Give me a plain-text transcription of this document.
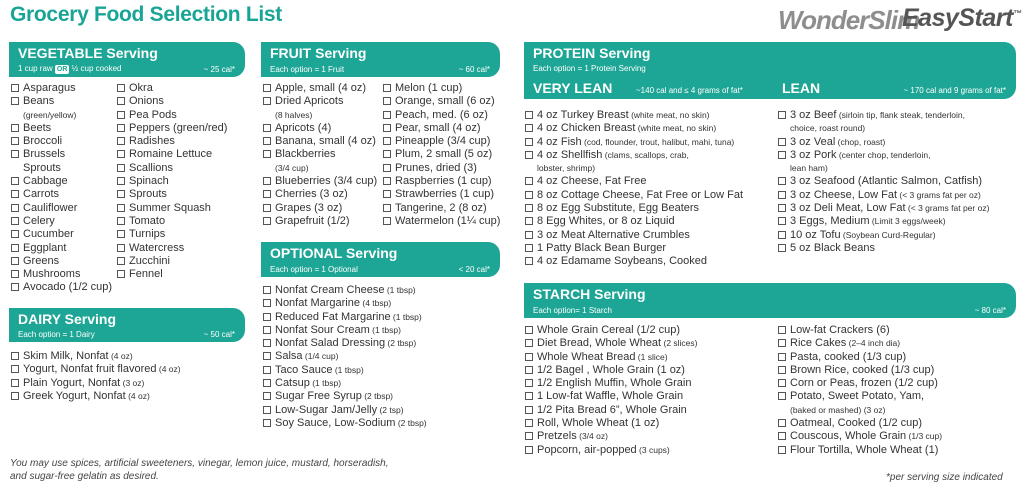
Grocery Food Selection List	WonderSlim
EasyStart™
VEGETABLE Serving
1 cup raw OR ½ cup cooked	~ 25 cal*
Asparagus
Beans
(green/yellow)
Beets
Broccoli
Brussels
Sprouts
Cabbage
Carrots
Cauliflower
Celery
Cucumber
Eggplant
Greens
Mushrooms
Avocado (1/2 cup)
Okra
Onions
Pea Pods
Peppers (green/red)
Radishes
Romaine Lettuce
Scallions
Spinach
Sprouts
Summer Squash
Tomato
Turnips
Watercress
Zucchini
Fennel
DAIRY Serving
Each option = 1 Dairy	~ 50 cal*
Skim Milk, Nonfat (4 oz)
Yogurt, Nonfat fruit flavored (4 oz)
Plain Yogurt, Nonfat (3 oz)
Greek Yogurt, Nonfat (4 oz)
FRUIT Serving
Each option = 1 Fruit	~ 60 cal*
Apple, small (4 oz)
Dried Apricots
(8 halves)
Apricots (4)
Banana, small (4 oz)
Blackberries
(3/4 cup)
Blueberries (3/4 cup)
Cherries (3 oz)
Grapes (3 oz)
Grapefruit (1/2)
Melon (1 cup)
Orange, small (6 oz)
Peach, med. (6 oz)
Pear, small (4 oz)
Pineapple (3/4 cup)
Plum, 2 small (5 oz)
Prunes, dried (3)
Raspberries (1 cup)
Strawberries (1 cup)
Tangerine, 2 (8 oz)
Watermelon (1¼ cup)
OPTIONAL Serving
Each option = 1 Optional	< 20 cal*
Nonfat Cream Cheese (1 tbsp)
Nonfat Margarine (4 tbsp)
Reduced Fat Margarine (1 tbsp)
Nonfat Sour Cream (1 tbsp)
Nonfat Salad Dressing (2 tbsp)
Salsa (1/4 cup)
Taco Sauce (1 tbsp)
Catsup (1 tbsp)
Sugar Free Syrup (2 tbsp)
Low-Sugar Jam/Jelly (2 tsp)
Soy Sauce, Low-Sodium (2 tbsp)
PROTEIN Serving
Each option = 1 Protein Serving
VERY LEAN	~140 cal and ≤ 4 grams of fat*	LEAN	~ 170 cal and 9 grams of fat*
4 oz Turkey Breast (white meat, no skin)
4 oz Chicken Breast (white meat, no skin)
4 oz Fish (cod, flounder, trout, halibut, mahi, tuna)
4 oz Shellfish (clams, scallops, crab,
lobster, shrimp)
4 oz Cheese, Fat Free
8 oz Cottage Cheese, Fat Free or Low Fat
8 oz Egg Substitute, Egg Beaters
8 Egg Whites, or 8 oz Liquid
3 oz Meat Alternative Crumbles
1 Patty Black Bean Burger
4 oz Edamame Soybeans, Cooked
3 oz Beef (sirloin tip, flank steak, tenderloin,
choice, roast round)
3 oz Veal (chop, roast)
3 oz Pork (center chop, tenderloin,
lean ham)
3 oz Seafood (Atlantic Salmon, Catfish)
3 oz Cheese, Low Fat (< 3 grams fat per oz)
3 oz Deli Meat, Low Fat (< 3 grams fat per oz)
3 Eggs, Medium (Limit 3 eggs/week)
10 oz Tofu (Soybean Curd-Regular)
5 oz Black Beans
STARCH Serving
Each option= 1 Starch	~ 80 cal*
Whole Grain Cereal (1/2 cup)
Diet Bread, Whole Wheat (2 slices)
Whole Wheat Bread (1 slice)
1/2 Bagel , Whole Grain (1 oz)
1/2 English Muffin, Whole Grain
1 Low-fat Waffle, Whole Grain
1/2 Pita Bread 6”, Whole Grain
Roll, Whole Wheat (1 oz)
Pretzels (3/4 oz)
Popcorn, air-popped (3 cups)
Low-fat Crackers (6)
Rice Cakes (2–4 inch dia)
Pasta, cooked (1/3 cup)
Brown Rice, cooked (1/3 cup)
Corn or Peas, frozen (1/2 cup)
Potato, Sweet Potato, Yam,
(baked or mashed) (3 oz)
Oatmeal, Cooked (1/2 cup)
Couscous, Whole Grain (1/3 cup)
Flour Tortilla, Whole Wheat (1)
You may use spices, artificial sweeteners, vinegar, lemon juice, mustard, horseradish,
and sugar-free gelatin as desired.	*per serving size indicated
